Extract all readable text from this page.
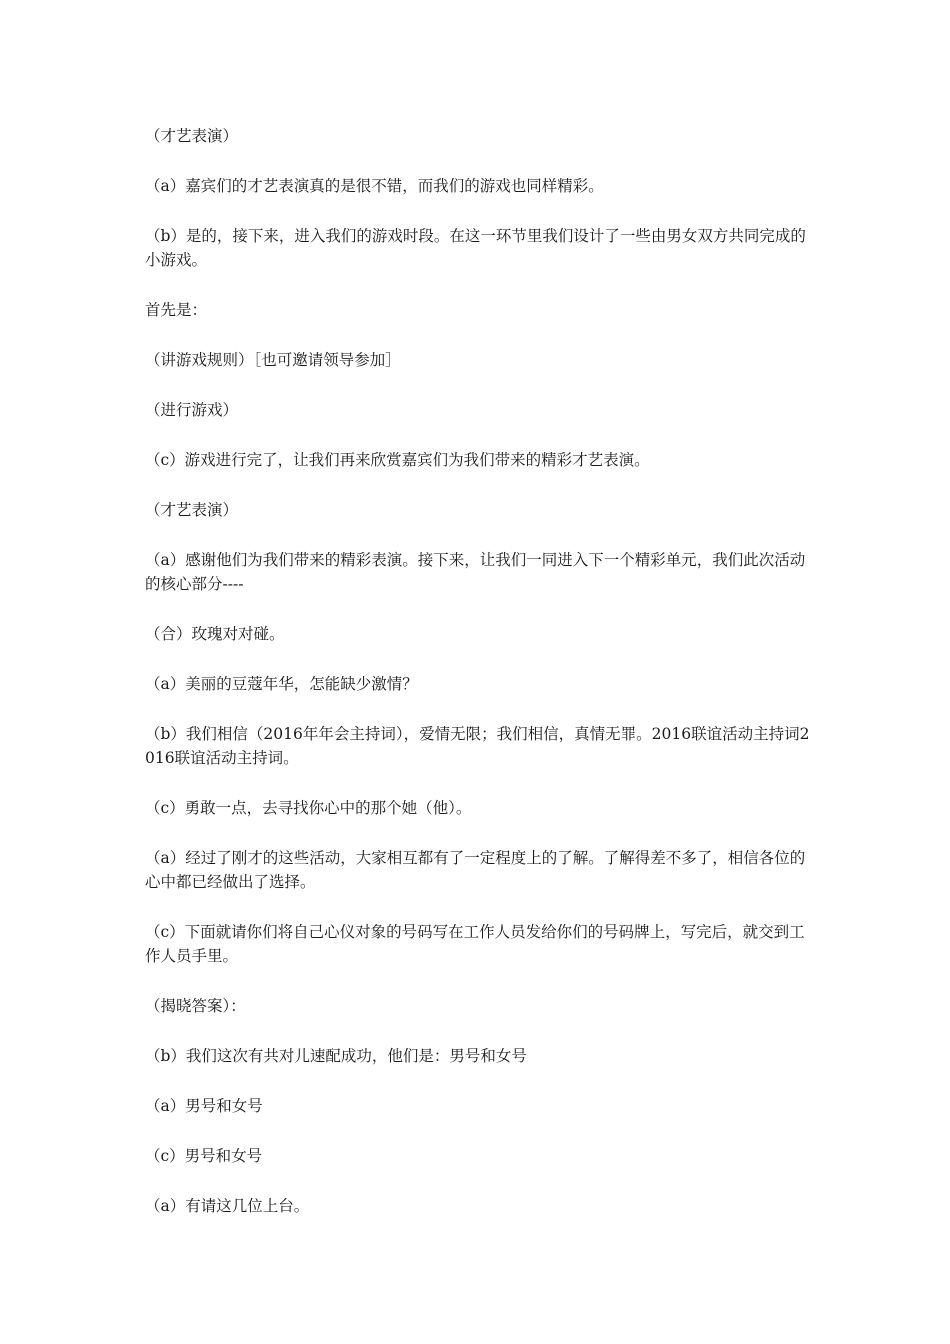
（才艺表演）

（a）嘉宾们的才艺表演真的是很不错，而我们的游戏也同样精彩。

（b）是的，接下来，进入我们的游戏时段。在这一环节里我们设计了一些由男女双方共同完成的小游戏。

首先是：

（讲游戏规则）［也可邀请领导参加］

（进行游戏）

（c）游戏进行完了，让我们再来欣赏嘉宾们为我们带来的精彩才艺表演。

（才艺表演）

（a）感谢他们为我们带来的精彩表演。接下来，让我们一同进入下一个精彩单元，我们此次活动的核心部分----

（合）玫瑰对对碰。

（a）美丽的豆蔻年华，怎能缺少激情？

（b）我们相信（2016年年会主持词），爱情无限；我们相信，真情无罪。2016联谊活动主持词2016联谊活动主持词。

（c）勇敢一点，去寻找你心中的那个她（他）。

（a）经过了刚才的这些活动，大家相互都有了一定程度上的了解。了解得差不多了，相信各位的心中都已经做出了选择。

（c）下面就请你们将自己心仪对象的号码写在工作人员发给你们的号码牌上，写完后，就交到工作人员手里。

（揭晓答案）：

（b）我们这次有共对儿速配成功，他们是：男号和女号

（a）男号和女号

（c）男号和女号

（a）有请这几位上台。
